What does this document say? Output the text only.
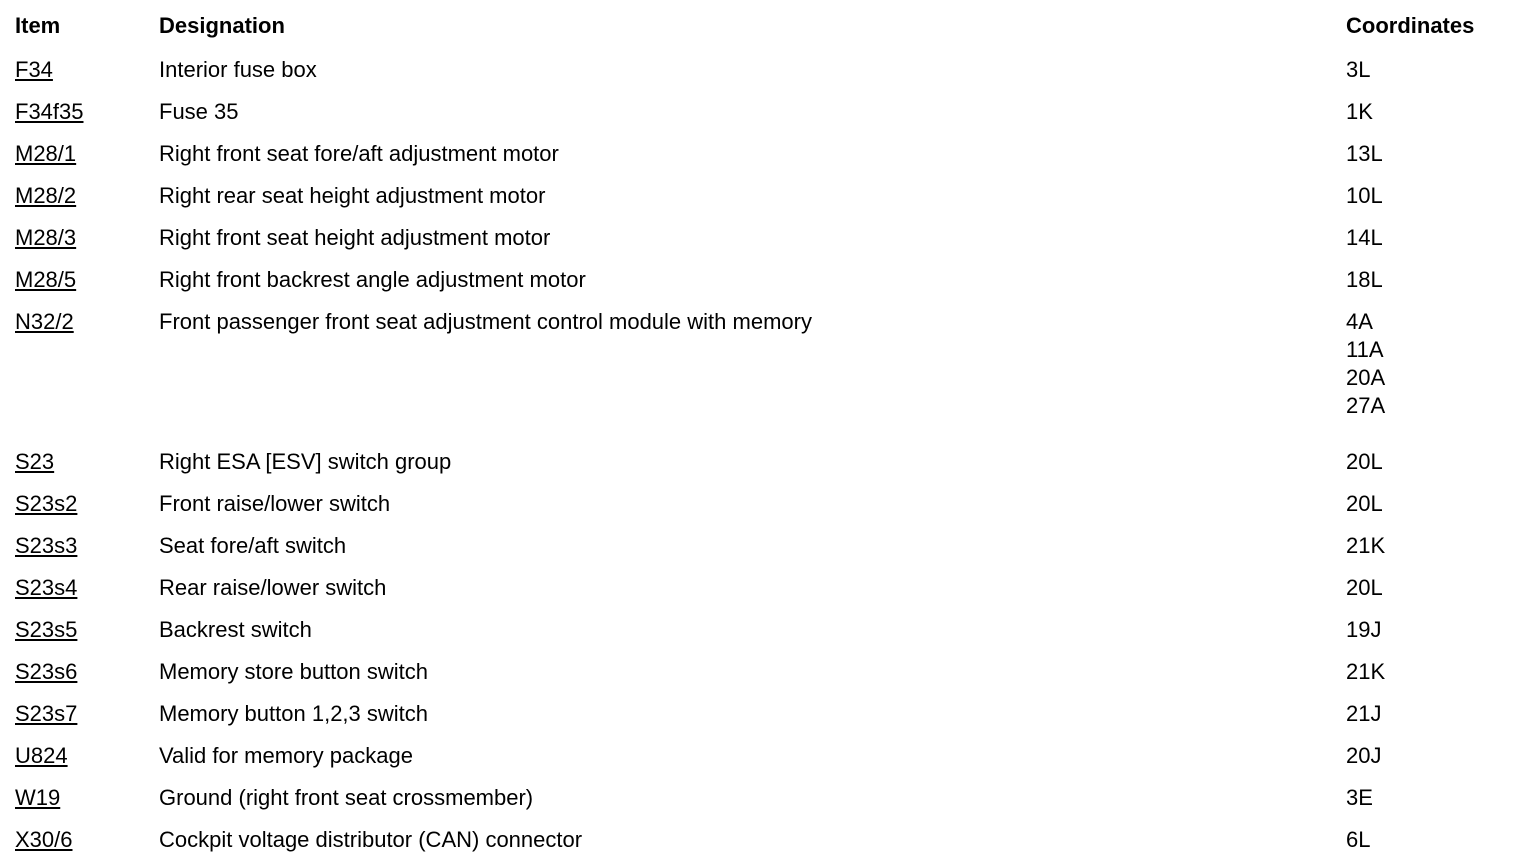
Item	Designation	Coordinates
F34	Interior fuse box	3L

F34f35	Fuse 35	1K

M28/1	Right front seat fore/aft adjustment motor	13L

M28/2	Right rear seat height adjustment motor	10L

M28/3	Right front seat height adjustment motor	14L

M28/5	Right front backrest angle adjustment motor	18L

N32/2	Front passenger front seat adjustment control module with memory	4A
11A
20A
27A

S23	Right ESA [ESV] switch group	20L

S23s2	Front raise/lower switch	20L

S23s3	Seat fore/aft switch	21K

S23s4	Rear raise/lower switch	20L

S23s5	Backrest switch	19J

S23s6	Memory store button switch	21K

S23s7	Memory button 1,2,3 switch	21J

U824	Valid for memory package	20J

W19	Ground (right front seat crossmember)	3E

X30/6	Cockpit voltage distributor (CAN) connector	6L
